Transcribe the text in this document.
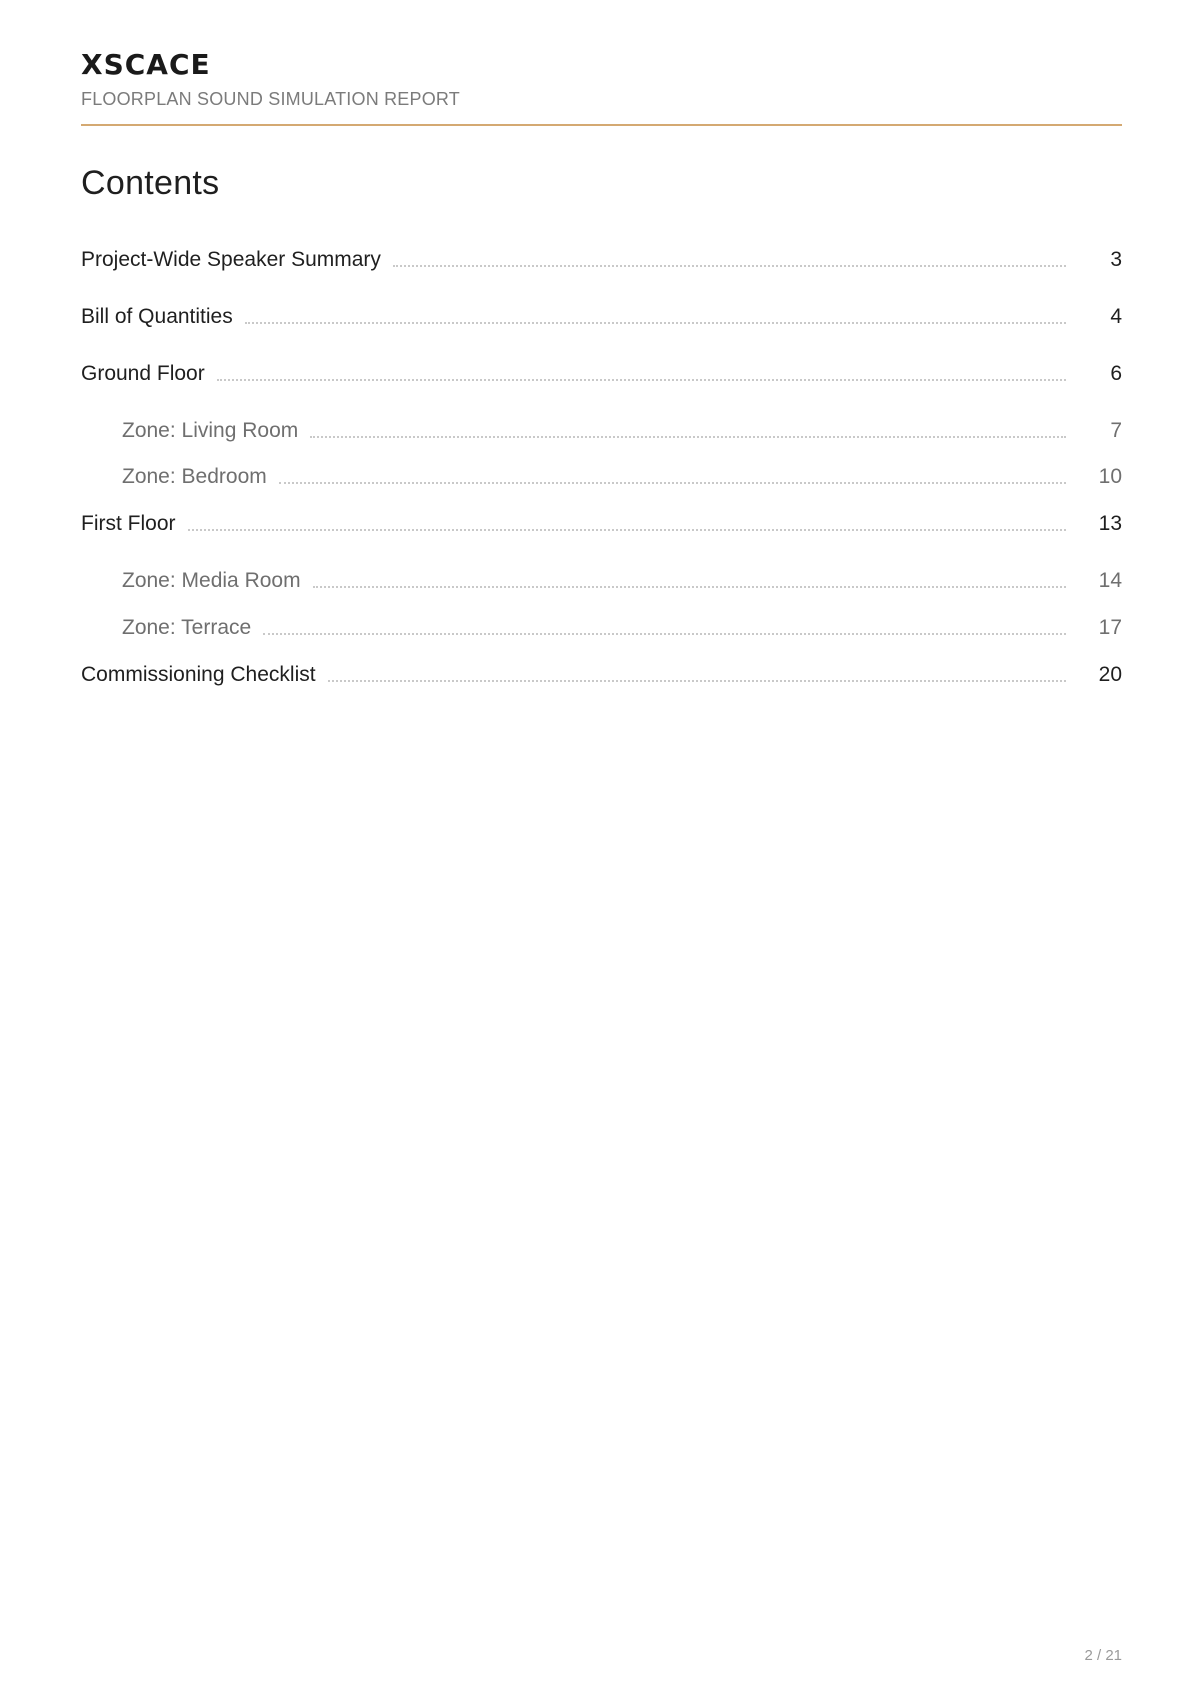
XSCACE
FLOORPLAN SOUND SIMULATION REPORT
Contents
Project-Wide Speaker Summary	3
Bill of Quantities	4
Ground Floor	6
Zone: Living Room	7
Zone: Bedroom	10
First Floor	13
Zone: Media Room	14
Zone: Terrace	17
Commissioning Checklist	20
2 / 21
